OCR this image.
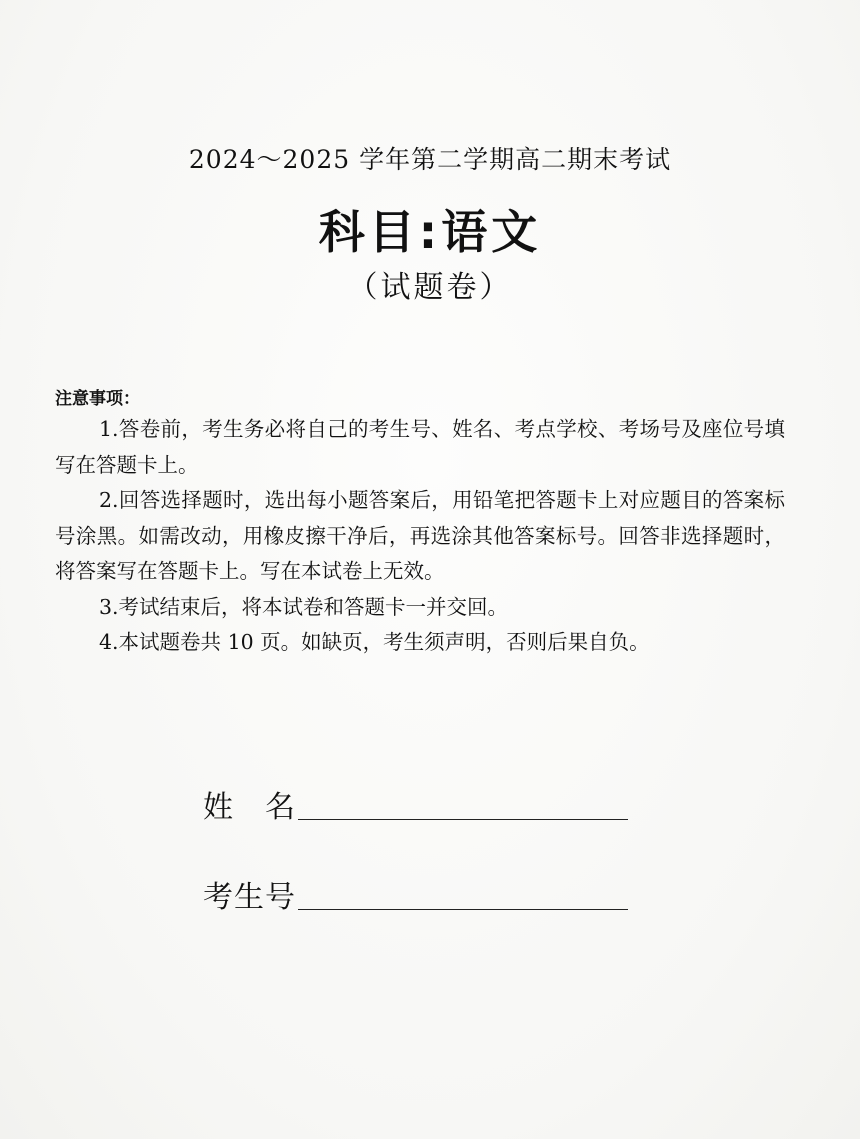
2024～2025 学年第二学期高二期末考试
科目:语文
（试题卷）
注意事项：

1.答卷前，考生务必将自己的考生号、姓名、考点学校、考场号及座位号填写在答题卡上。

2.回答选择题时，选出每小题答案后，用铅笔把答题卡上对应题目的答案标号涂黑。如需改动，用橡皮擦干净后，再选涂其他答案标号。回答非选择题时，将答案写在答题卡上。写在本试卷上无效。

3.考试结束后，将本试卷和答题卡一并交回。

4.本试题卷共 10 页。如缺页，考生须声明，否则后果自负。

姓　名
考生号
